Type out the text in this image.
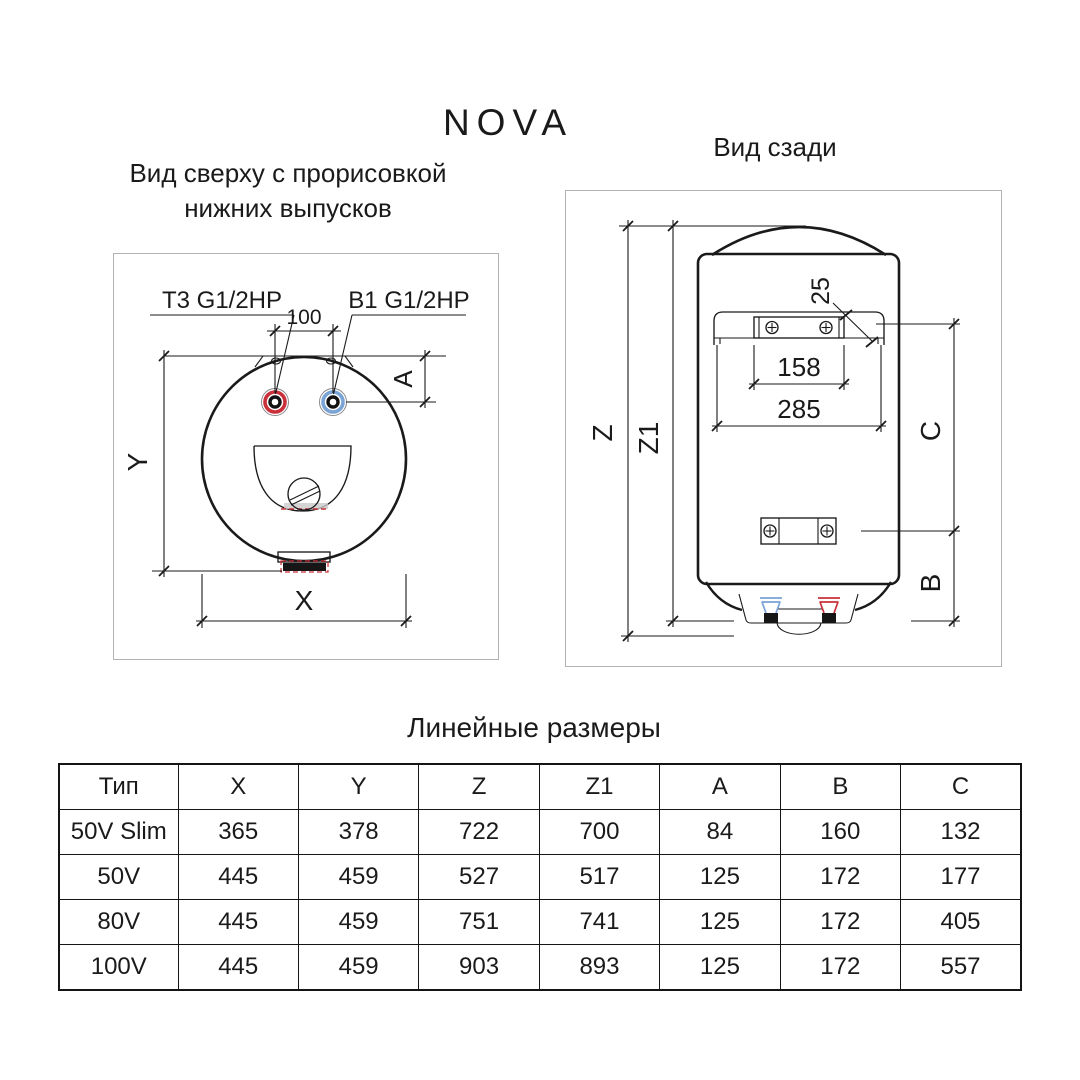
NOVA
Вид сверху с прорисовкой
нижних выпусков
Вид сзади
T3 G1/2HP	B1 G1/2HP
100
A
Y
X
25
158
285
Z Z1	C
B
Линейные размеры
Тип	X	Y	Z	Z1	A	B	C
50V Slim	365	378	722	700	84	160	132
50V	445	459	527	517	125	172	177
80V	445	459	751	741	125	172	405
100V	445	459	903	893	125	172	557
